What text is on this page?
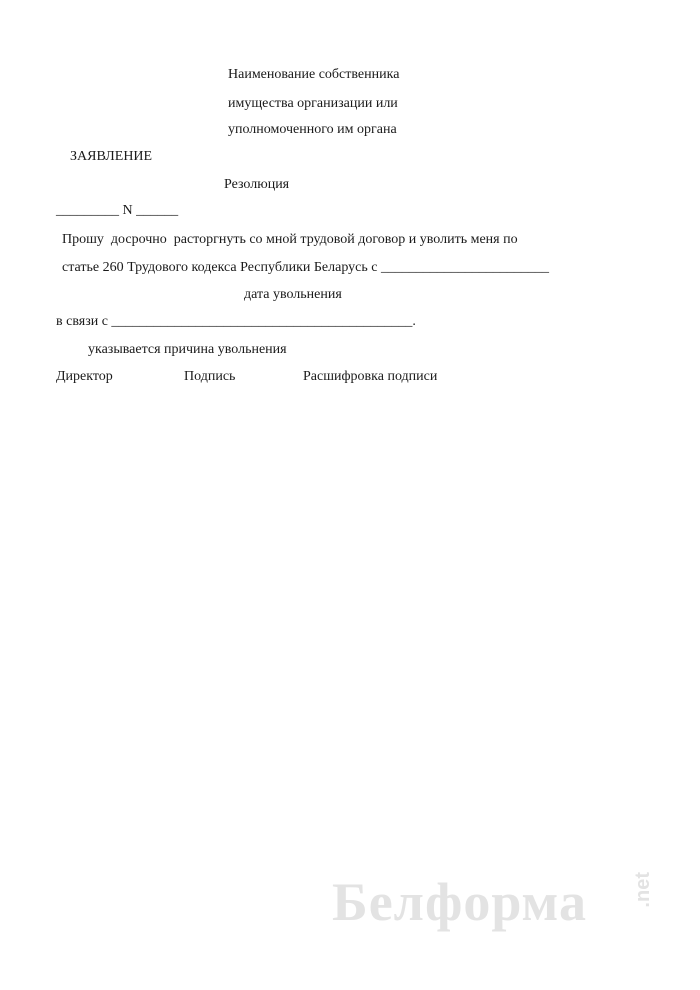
Наименование собственника
имущества организации или
уполномоченного им органа
ЗАЯВЛЕНИЕ
Резолюция
_________ N ______
Прошу  досрочно  расторгнуть со мной трудовой договор и уволить меня по
статье 260 Трудового кодекса Республики Беларусь с ________________________
дата увольнения
в связи с ___________________________________________.
указывается причина увольнения
Директор	Подпись	Расшифровка подписи
Белформа .net
